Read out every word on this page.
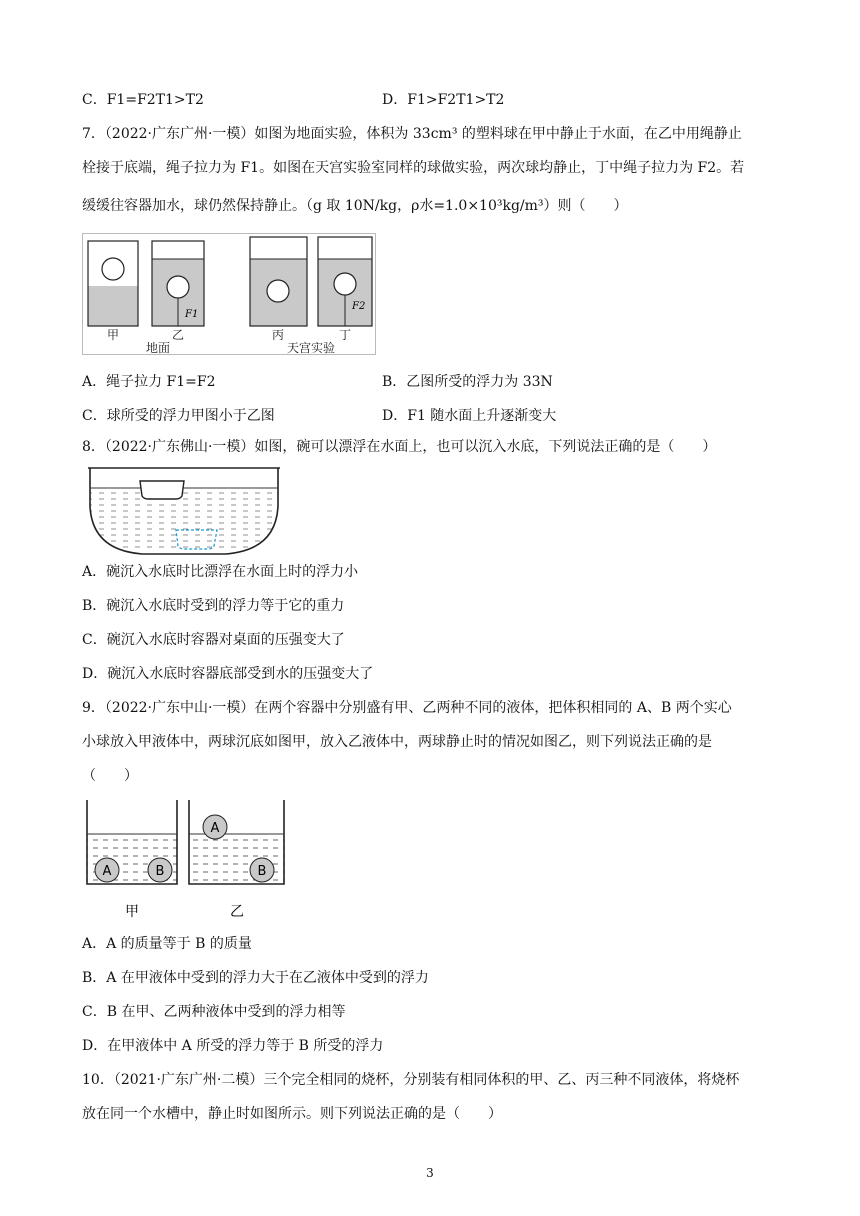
C．F1=F2T1>T2	D．F1>F2T1>T2
7．（2022·广东广州·一模）如图为地面实验，体积为 33cm³ 的塑料球在甲中静止于水面，在乙中用绳静止
栓接于底端，绳子拉力为 F1。如图在天宫实验室同样的球做实验，两次球均静止，丁中绳子拉力为 F2。若
缓缓往容器加水，球仍然保持静止。（g 取 10N/kg，ρ水=1.0×10³kg/m³）则（　　）
F1
F2
甲	乙	丙	丁
地面	天宫实验
A．绳子拉力 F1=F2	B．乙图所受的浮力为 33N
C．球所受的浮力甲图小于乙图	D．F1 随水面上升逐渐变大
8．（2022·广东佛山·一模）如图，碗可以漂浮在水面上，也可以沉入水底，下列说法正确的是（　　）
A．碗沉入水底时比漂浮在水面上时的浮力小
B．碗沉入水底时受到的浮力等于它的重力
C．碗沉入水底时容器对桌面的压强变大了
D．碗沉入水底时容器底部受到水的压强变大了
9．（2022·广东中山·一模）在两个容器中分别盛有甲、乙两种不同的液体，把体积相同的 A、B 两个实心
小球放入甲液体中，两球沉底如图甲，放入乙液体中，两球静止时的情况如图乙，则下列说法正确的是
（　　）
A	B
A
B
甲	乙
A．A 的质量等于 B 的质量
B．A 在甲液体中受到的浮力大于在乙液体中受到的浮力
C．B 在甲、乙两种液体中受到的浮力相等
D．在甲液体中 A 所受的浮力等于 B 所受的浮力
10．（2021·广东广州·二模）三个完全相同的烧杯，分别装有相同体积的甲、乙、丙三种不同液体，将烧杯
放在同一个水槽中，静止时如图所示。则下列说法正确的是（　　）
3
